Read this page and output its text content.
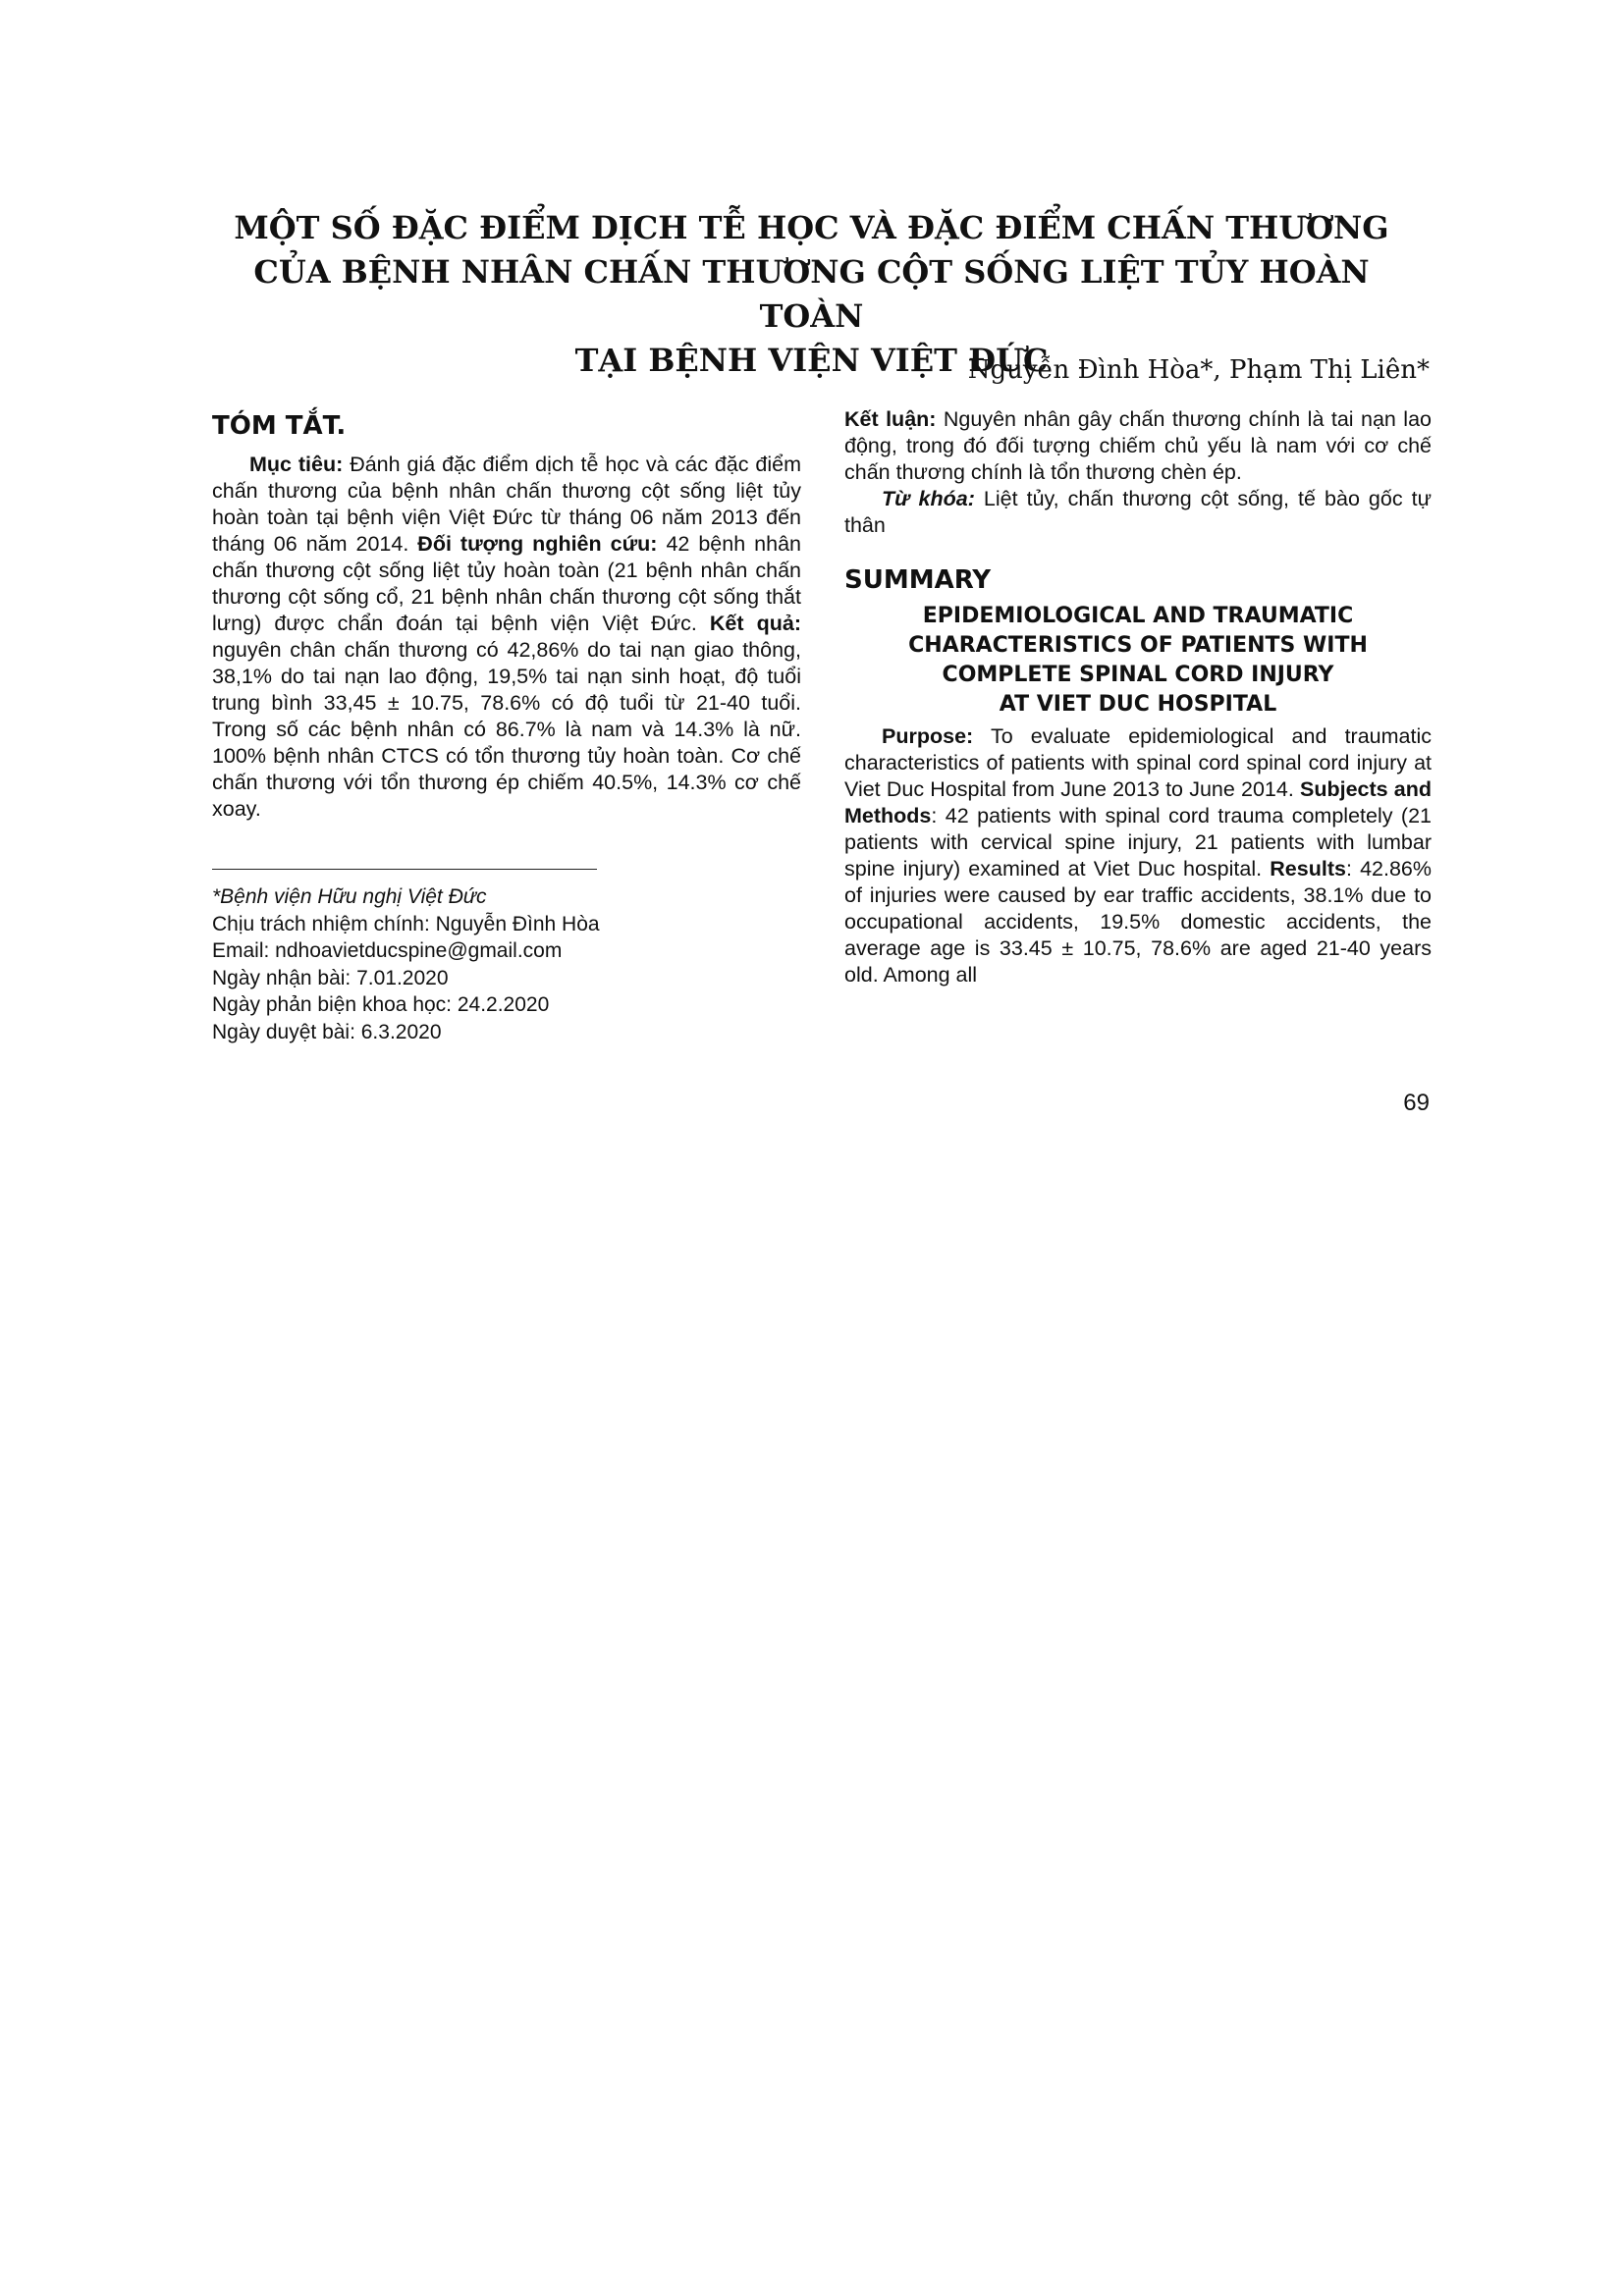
MỘT SỐ ĐẶC ĐIỂM DỊCH TỄ HỌC VÀ ĐẶC ĐIỂM CHẤN THƯƠNG
CỦA BỆNH NHÂN CHẤN THƯƠNG CỘT SỐNG LIỆT TỦY HOÀN TOÀN
TẠI BỆNH VIỆN VIỆT ĐỨC
Nguyễn Đình Hòa*, Phạm Thị Liên*
TÓM TẮT.

Mục tiêu: Đánh giá đặc điểm dịch tễ học và các đặc điểm chấn thương của bệnh nhân chấn thương cột sống liệt tủy hoàn toàn tại bệnh viện Việt Đức từ tháng 06 năm 2013 đến tháng 06 năm 2014. Đối tượng nghiên cứu: 42 bệnh nhân chấn thương cột sống liệt tủy hoàn toàn (21 bệnh nhân chấn thương cột sống cổ, 21 bệnh nhân chấn thương cột sống thắt lưng) được chẩn đoán tại bệnh viện Việt Đức. Kết quả: nguyên chân chấn thương có 42,86% do tai nạn giao thông, 38,1% do tai nạn lao động, 19,5% tai nạn sinh hoạt, độ tuổi trung bình 33,45 ± 10.75, 78.6% có độ tuổi từ 21-40 tuổi. Trong số các bệnh nhân có 86.7% là nam và 14.3% là nữ. 100% bệnh nhân CTCS có tổn thương tủy hoàn toàn. Cơ chế chấn thương với tổn thương ép chiếm 40.5%, 14.3% cơ chế xoay.

Kết luận: Nguyên nhân gây chấn thương chính là tai nạn lao động, trong đó đối tượng chiếm chủ yếu là nam với cơ chế chấn thương chính là tổn thương chèn ép.

Từ khóa: Liệt tủy, chấn thương cột sống, tế bào gốc tự thân

SUMMARY
EPIDEMIOLOGICAL AND TRAUMATIC
CHARACTERISTICS OF PATIENTS WITH
COMPLETE SPINAL CORD INJURY
AT VIET DUC HOSPITAL

Purpose: To evaluate epidemiological and traumatic characteristics of patients with spinal cord spinal cord injury at Viet Duc Hospital from June 2013 to June 2014. Subjects and Methods: 42 patients with spinal cord trauma completely (21 patients with cervical spine injury, 21 patients with lumbar spine injury) examined at Viet Duc hospital. Results: 42.86% of injuries were caused by ear traffic accidents, 38.1% due to occupational accidents, 19.5% domestic accidents, the average age is 33.45 ± 10.75, 78.6% are aged 21-40 years old. Among all

*Bệnh viện Hữu nghị Việt Đức
Chịu trách nhiệm chính: Nguyễn Đình Hòa
Email: ndhoavietducspine@gmail.com
Ngày nhận bài: 7.01.2020
Ngày phản biện khoa học: 24.2.2020
Ngày duyệt bài: 6.3.2020
69
